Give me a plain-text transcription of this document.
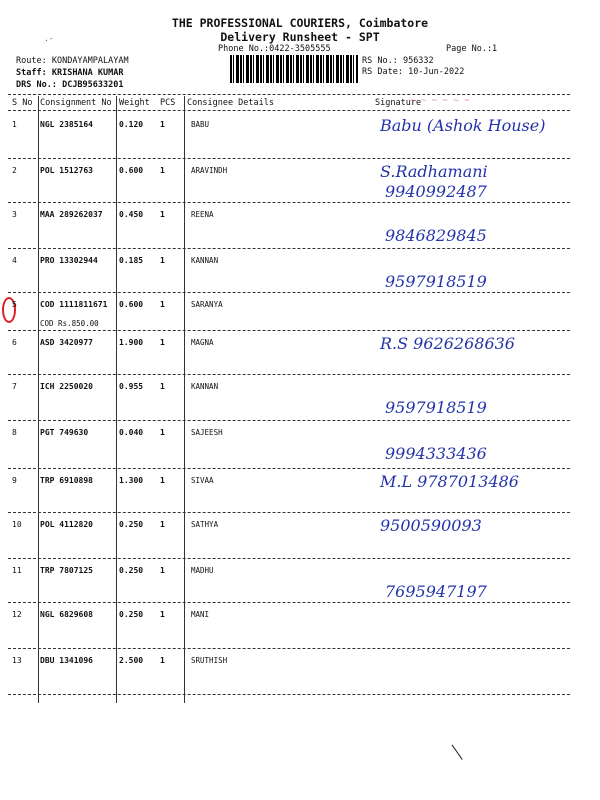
THE PROFESSIONAL COURIERS, Coimbatore
Delivery Runsheet - SPT
Phone No.:0422-3505555	Page No.:1
.-
Route: KONDAYAMPALAYAM
Staff: KRISHANA KUMAR
DRS No.: DCJB95633201
RS No.: 956332
RS Date: 10-Jun-2022
S No Consignment No Weight PCS Consignee Details	Signature
~ ~ ~ ~ ~ ~
1	NGL 2385164	0.120 1	BABU	Babu (Ashok House)
2	POL 1512763	0.600 1	ARAVINDH	S.Radhamani
9940992487
3	MAA 289262037 0.450 1	REENA
9846829845
4	PRO 13302944	0.185 1	KANNAN
9597918519
5	COD 1111811671 0.600 1	SARANYA
COD Rs.850.00
6	ASD 3420977	1.900 1	MAGNA	R.S 9626268636
7	ICH 2250020	0.955 1	KANNAN
9597918519
8	PGT 749630	0.040 1	SAJEESH
9994333436
9	TRP 6910898	1.300 1	SIVAA	M.L 9787013486
10 POL 4112820	0.250 1	SATHYA	9500590093
11 TRP 7807125	0.250 1	MADHU
7695947197
12 NGL 6829608	0.250 1	MANI
13 DBU 1341096	2.500 1	SRUTHISH
